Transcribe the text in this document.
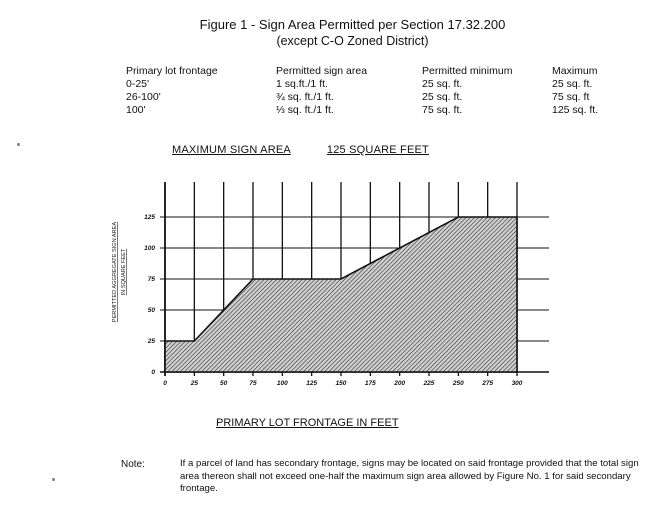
Figure 1 - Sign Area Permitted per Section 17.32.200
(except C-O Zoned District)
Primary lot frontage	Permitted sign area	Permitted minimum	Maximum
0-25'	1 sq.ft./1 ft.	25 sq. ft.	25 sq. ft.
26-100'	¾ sq. ft./1 ft.	25 sq. ft.	75 sq. ft
100'	⅓ sq. ft./1 ft.	75 sq. ft.	125 sq. ft.
MAXIMUM SIGN AREA	125 SQUARE FEET
0	25	50	75	100	125	150	175	200	225	250	275	300
0
25
50
75
100
125
PERMITTED AGGREGATE SIGN AREA IN SQUARE FEET
PRIMARY LOT FRONTAGE IN FEET
Note:	If a parcel of land has secondary frontage, signs may be located on said frontage provided that the total sign area thereon shall not exceed one-half the maximum sign area allowed by Figure No. 1 for said secondary frontage.
